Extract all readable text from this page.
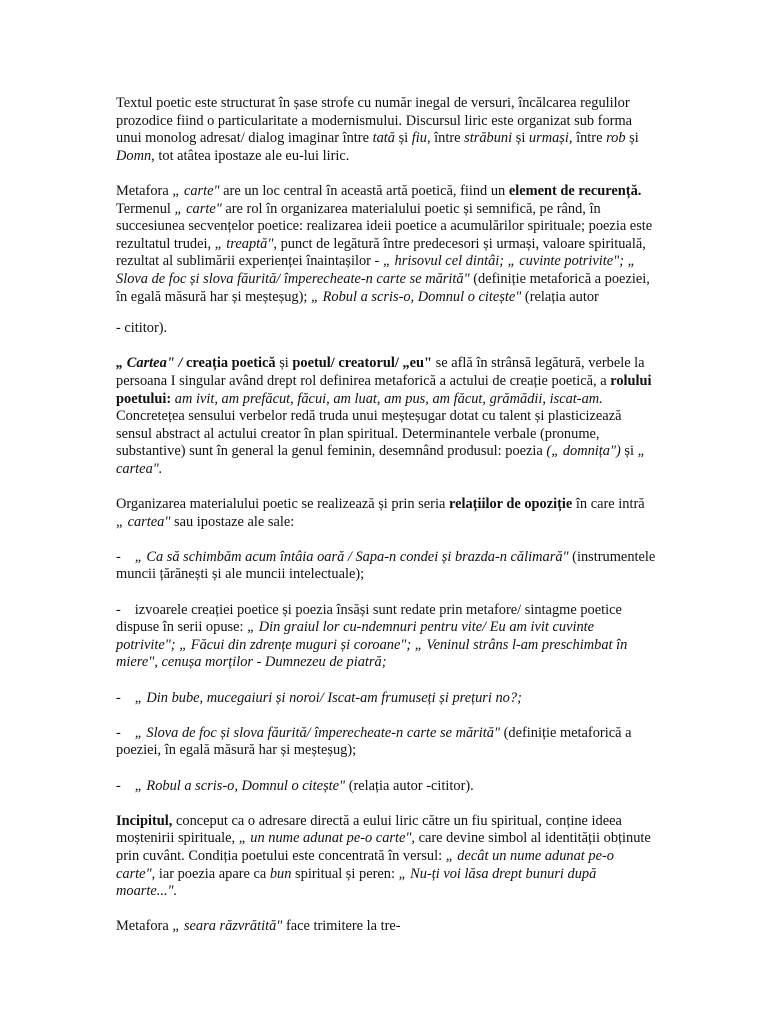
Textul poetic este structurat în șase strofe cu număr inegal de versuri, încălcarea regulilor prozodice fiind o particularitate a modernismului. Discursul liric este organizat sub forma unui monolog adresat/ dialog imaginar între tată și fiu, între străbuni și urmași, între rob și Domn, tot atâtea ipostaze ale eu-lui liric.

Metafora „ carte" are un loc central în această artă poetică, fiind un element de recurență. Termenul „ carte" are rol în organizarea materialului poetic și semnifică, pe rând, în succesiunea secvențelor poetice: realizarea ideii poetice a acumulărilor spirituale; poezia este rezultatul trudei, „ treaptă", punct de legătură între predecesori și urmași, valoare spirituală, rezultat al sublimării experienței înaintașilor - „ hrisovul cel dintâi; „ cuvinte potrivite"; „ Slova de foc și slova făurită/ împerecheate-n carte se mărită" (definiție metaforică a poeziei, în egală măsură har și meșteșug); „ Robul a scris-o, Domnul o citește" (relația autor

- cititor).

„ Cartea" / creația poetică și poetul/ creatorul/ „eu" se află în strânsă legătură, verbele la persoana I singular având drept rol definirea metaforică a actului de creație poetică, a rolului poetului: am ivit, am prefăcut, făcui, am luat, am pus, am făcut, grămădii, iscat-am. Concretețea sensului verbelor redă truda unui meșteșugar dotat cu talent și plasticizează sensul abstract al actului creator în plan spiritual. Determinantele verbale (pronume, substantive) sunt în general la genul feminin, desemnând produsul: poezia („ domnița") și „ cartea".

Organizarea materialului poetic se realizează și prin seria relațiilor de opoziție în care intră „ cartea" sau ipostaze ale sale:

- „ Ca să schimbăm acum întâia oară / Sapa-n condei și brazda-n călimară" (instrumentele muncii țărănești și ale muncii intelectuale);

- izvoarele creației poetice și poezia însăși sunt redate prin metafore/ sintagme poetice dispuse în serii opuse: „ Din graiul lor cu-ndemnuri pentru vite/ Eu am ivit cuvinte potrivite"; „ Făcui din zdrențe muguri și coroane"; „ Veninul strâns l-am preschimbat în miere", cenușa morților - Dumnezeu de piatră;

- „ Din bube, mucegaiuri și noroi/ Iscat-am frumuseți și prețuri no?;

- „ Slova de foc și slova făurită/ împerecheate-n carte se mărită" (definiție metaforică a poeziei, în egală măsură har și meșteșug);

- „ Robul a scris-o, Domnul o citește" (relația autor -cititor).

Incipitul, conceput ca o adresare directă a eului liric către un fiu spiritual, conține ideea moștenirii spirituale, „ un nume adunat pe-o carte", care devine simbol al identității obținute prin cuvânt. Condiția poetului este concentrată în versul: „ decât un nume adunat pe-o carte", iar poezia apare ca bun spiritual și peren: „ Nu-ți voi lăsa drept bunuri după moarte...".

Metafora „ seara răzvrătită" face trimitere la tre-
